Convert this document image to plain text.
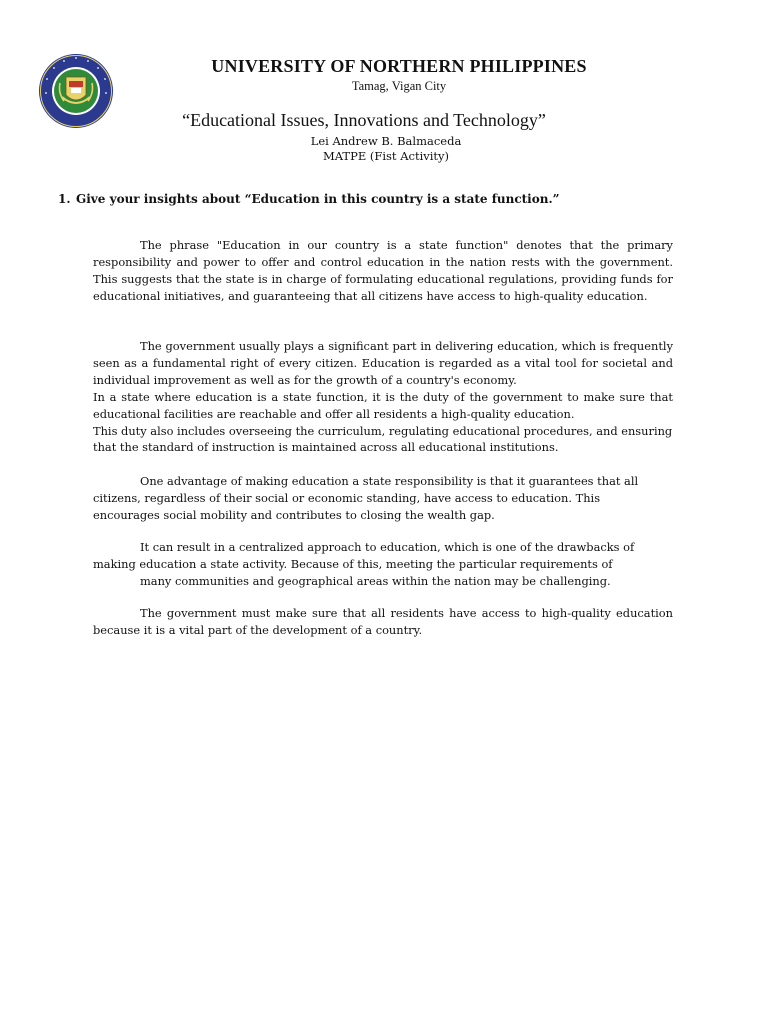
UNIVERSITY OF NORTHERN PHILIPPINES
Tamag, Vigan City
“Educational Issues, Innovations and Technology”
Lei Andrew B. Balmaceda
MATPE (Fist Activity)
1. Give your insights about “Education in this country is a state function.”
The phrase "Education in our country is a state function" denotes that the primary responsibility and power to offer and control education in the nation rests with the government. This suggests that the state is in charge of formulating educational regulations, providing funds for educational initiatives, and guaranteeing that all citizens have access to high-quality education.
The government usually plays a significant part in delivering education, which is frequently seen as a fundamental right of every citizen. Education is regarded as a vital tool for societal and individual improvement as well as for the growth of a country's economy.
In a state where education is a state function, it is the duty of the government to make sure that educational facilities are reachable and offer all residents a high-quality education.
This duty also includes overseeing the curriculum, regulating educational procedures, and ensuring that the standard of instruction is maintained across all educational institutions.
One advantage of making education a state responsibility is that it guarantees that all
citizens, regardless of their social or economic standing, have access to education. This
encourages social mobility and contributes to closing the wealth gap.
It can result in a centralized approach to education, which is one of the drawbacks of
making education a state activity. Because of this, meeting the particular requirements of
many communities and geographical areas within the nation may be challenging.
The government must make sure that all residents have access to high-quality education because it is a vital part of the development of a country.
